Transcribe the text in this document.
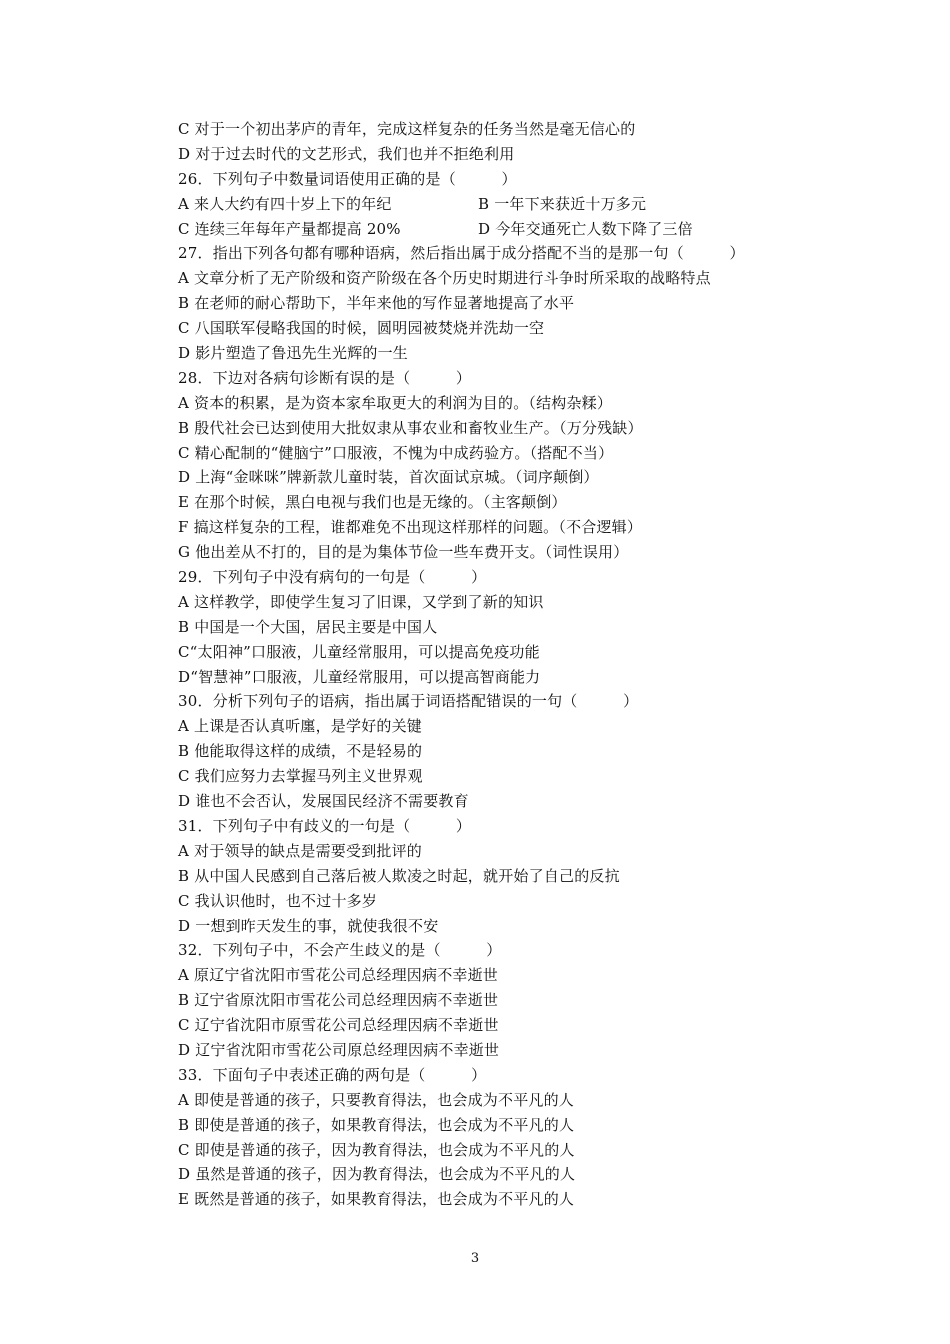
C 对于一个初出茅庐的青年，完成这样复杂的任务当然是毫无信心的
D 对于过去时代的文艺形式，我们也并不拒绝利用
26．下列句子中数量词语使用正确的是（　　　）
A 来人大约有四十岁上下的年纪	B 一年下来获近十万多元
C 连续三年每年产量都提高 20%	D 今年交通死亡人数下降了三倍
27．指出下列各句都有哪种语病，然后指出属于成分搭配不当的是那一句（　　　）
A 文章分析了无产阶级和资产阶级在各个历史时期进行斗争时所采取的战略特点
B 在老师的耐心帮助下，半年来他的写作显著地提高了水平
C 八国联军侵略我国的时候，圆明园被焚烧并洗劫一空
D 影片塑造了鲁迅先生光辉的一生
28．下边对各病句诊断有误的是（　　　）
A 资本的积累，是为资本家牟取更大的利润为目的。（结构杂糅）
B 殷代社会已达到使用大批奴隶从事农业和畜牧业生产。（万分残缺）
C 精心配制的“健脑宁”口服液，不愧为中成药验方。（搭配不当）
D 上海“金咪咪”牌新款儿童时装，首次面试京城。（词序颠倒）
E 在那个时候，黑白电视与我们也是无缘的。（主客颠倒）
F 搞这样复杂的工程，谁都难免不出现这样那样的问题。（不合逻辑）
G 他出差从不打的，目的是为集体节俭一些车费开支。（词性误用）
29．下列句子中没有病句的一句是（　　　）
A 这样教学，即使学生复习了旧课，又学到了新的知识
B 中国是一个大国，居民主要是中国人
C“太阳神”口服液，儿童经常服用，可以提高免疫功能
D“智慧神”口服液，儿童经常服用，可以提高智商能力
30．分析下列句子的语病，指出属于词语搭配错误的一句（　　　）
A 上课是否认真听廛，是学好的关键
B 他能取得这样的成绩，不是轻易的
C 我们应努力去掌握马列主义世界观
D 谁也不会否认，发展国民经济不需要教育
31．下列句子中有歧义的一句是（　　　）
A 对于领导的缺点是需要受到批评的
B 从中国人民感到自己落后被人欺凌之时起，就开始了自己的反抗
C 我认识他时，也不过十多岁
D 一想到昨天发生的事，就使我很不安
32．下列句子中，不会产生歧义的是（　　　）
A 原辽宁省沈阳市雪花公司总经理因病不幸逝世
B 辽宁省原沈阳市雪花公司总经理因病不幸逝世
C 辽宁省沈阳市原雪花公司总经理因病不幸逝世
D 辽宁省沈阳市雪花公司原总经理因病不幸逝世
33．下面句子中表述正确的两句是（　　　）
A 即使是普通的孩子，只要教育得法，也会成为不平凡的人
B 即使是普通的孩子，如果教育得法，也会成为不平凡的人
C 即使是普通的孩子，因为教育得法，也会成为不平凡的人
D 虽然是普通的孩子，因为教育得法，也会成为不平凡的人
E 既然是普通的孩子，如果教育得法，也会成为不平凡的人
3
